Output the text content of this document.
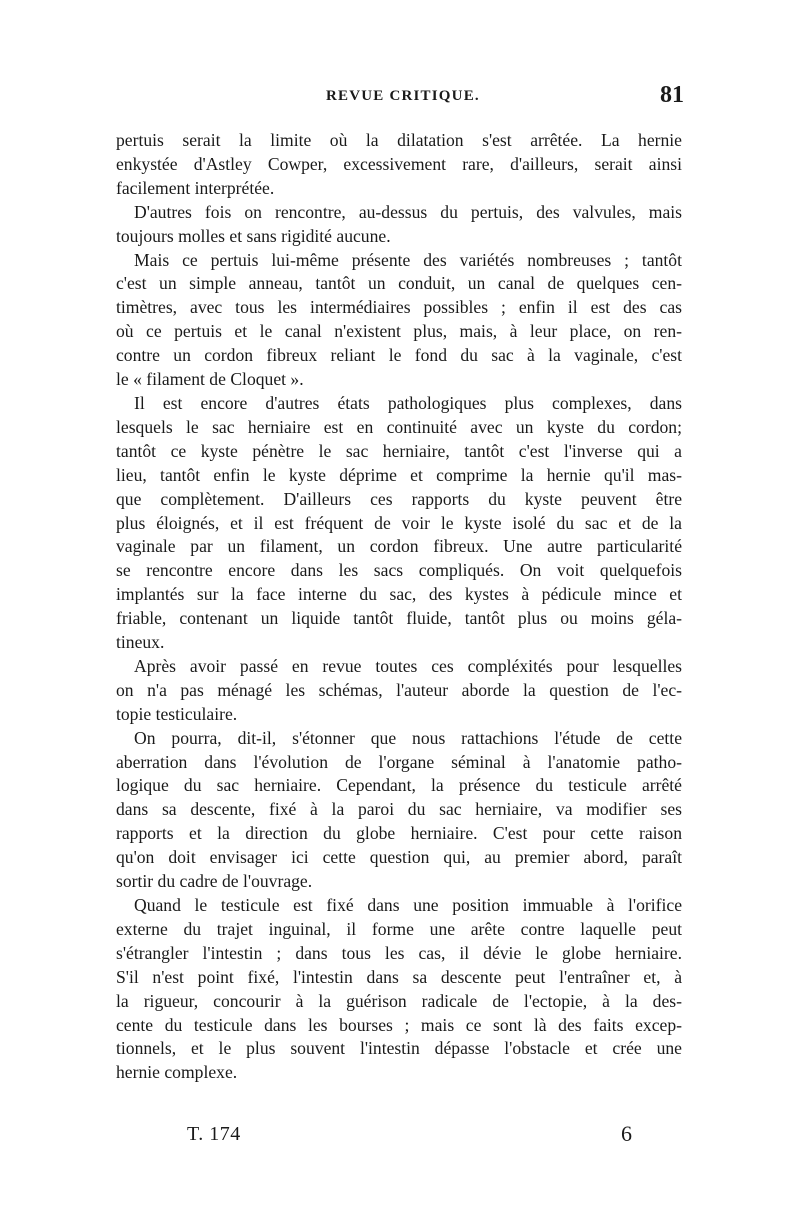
REVUE CRITIQUE.	81
pertuis serait la limite où la dilatation s'est arrêtée. La hernie
enkystée d'Astley Cowper, excessivement rare, d'ailleurs, serait ainsi
facilement interprétée.
D'autres fois on rencontre, au-dessus du pertuis, des valvules, mais
toujours molles et sans rigidité aucune.
Mais ce pertuis lui-même présente des variétés nombreuses ; tantôt
c'est un simple anneau, tantôt un conduit, un canal de quelques cen-
timètres, avec tous les intermédiaires possibles ; enfin il est des cas
où ce pertuis et le canal n'existent plus, mais, à leur place, on ren-
contre un cordon fibreux reliant le fond du sac à la vaginale, c'est
le « filament de Cloquet ».
Il est encore d'autres états pathologiques plus complexes, dans
lesquels le sac herniaire est en continuité avec un kyste du cordon;
tantôt ce kyste pénètre le sac herniaire, tantôt c'est l'inverse qui a
lieu, tantôt enfin le kyste déprime et comprime la hernie qu'il mas-
que complètement. D'ailleurs ces rapports du kyste peuvent être
plus éloignés, et il est fréquent de voir le kyste isolé du sac et de la
vaginale par un filament, un cordon fibreux. Une autre particularité
se rencontre encore dans les sacs compliqués. On voit quelquefois
implantés sur la face interne du sac, des kystes à pédicule mince et
friable, contenant un liquide tantôt fluide, tantôt plus ou moins géla-
tineux.
Après avoir passé en revue toutes ces compléxités pour lesquelles
on n'a pas ménagé les schémas, l'auteur aborde la question de l'ec-
topie testiculaire.
On pourra, dit-il, s'étonner que nous rattachions l'étude de cette
aberration dans l'évolution de l'organe séminal à l'anatomie patho-
logique du sac herniaire. Cependant, la présence du testicule arrêté
dans sa descente, fixé à la paroi du sac herniaire, va modifier ses
rapports et la direction du globe herniaire. C'est pour cette raison
qu'on doit envisager ici cette question qui, au premier abord, paraît
sortir du cadre de l'ouvrage.
Quand le testicule est fixé dans une position immuable à l'orifice
externe du trajet inguinal, il forme une arête contre laquelle peut
s'étrangler l'intestin ; dans tous les cas, il dévie le globe herniaire.
S'il n'est point fixé, l'intestin dans sa descente peut l'entraîner et, à
la rigueur, concourir à la guérison radicale de l'ectopie, à la des-
cente du testicule dans les bourses ; mais ce sont là des faits excep-
tionnels, et le plus souvent l'intestin dépasse l'obstacle et crée une
hernie complexe.
T. 174	6
